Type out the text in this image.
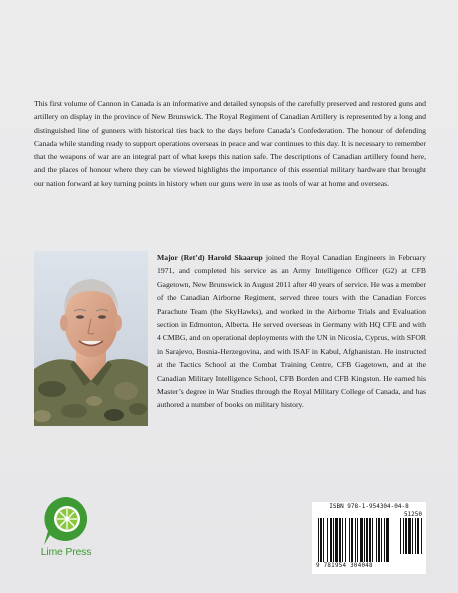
This first volume of Cannon in Canada is an informative and detailed synopsis of the carefully preserved and restored guns and artillery on display in the province of New Brunswick. The Royal Regiment of Canadian Artillery is represented by a long and distinguished line of gunners with historical ties back to the days before Canada’s Confederation. The honour of defending Canada while standing ready to support operations overseas in peace and war continues to this day. It is necessary to remember that the weapons of war are an integral part of what keeps this nation safe. The descriptions of Canadian artillery found here, and the places of honour where they can be viewed highlights the importance of this essential military hardware that brought our nation forward at key turning points in history when our guns were in use as tools of war at home and overseas.

Major (Ret’d) Harold Skaarup joined the Royal Canadian Engineers in February 1971, and completed his service as an Army Intelligence Officer (G2) at CFB Gagetown, New Brunswick in August 2011 after 40 years of service. He was a member of the Canadian Airborne Regiment, served three tours with the Canadian Forces Parachute Team (the SkyHawks), and worked in the Airborne Trials and Evaluation section in Edmonton, Alberta. He served overseas in Germany with HQ CFE and with 4 CMBG, and on operational deployments with the UN in Nicosia, Cyprus, with SFOR in Sarajevo, Bosnia-Herzegovina, and with ISAF in Kabul, Afghanistan. He instructed at the Tactics School at the Combat Training Centre, CFB Gagetown, and at the Canadian Military Intelligence School, CFB Borden and CFB Kingston. He earned his Master’s degree in War Studies through the Royal Military College of Canada, and has authored a number of books on military history.

Lime Press
ISBN 978-1-954304-04-8
51250
9 781954 304048
